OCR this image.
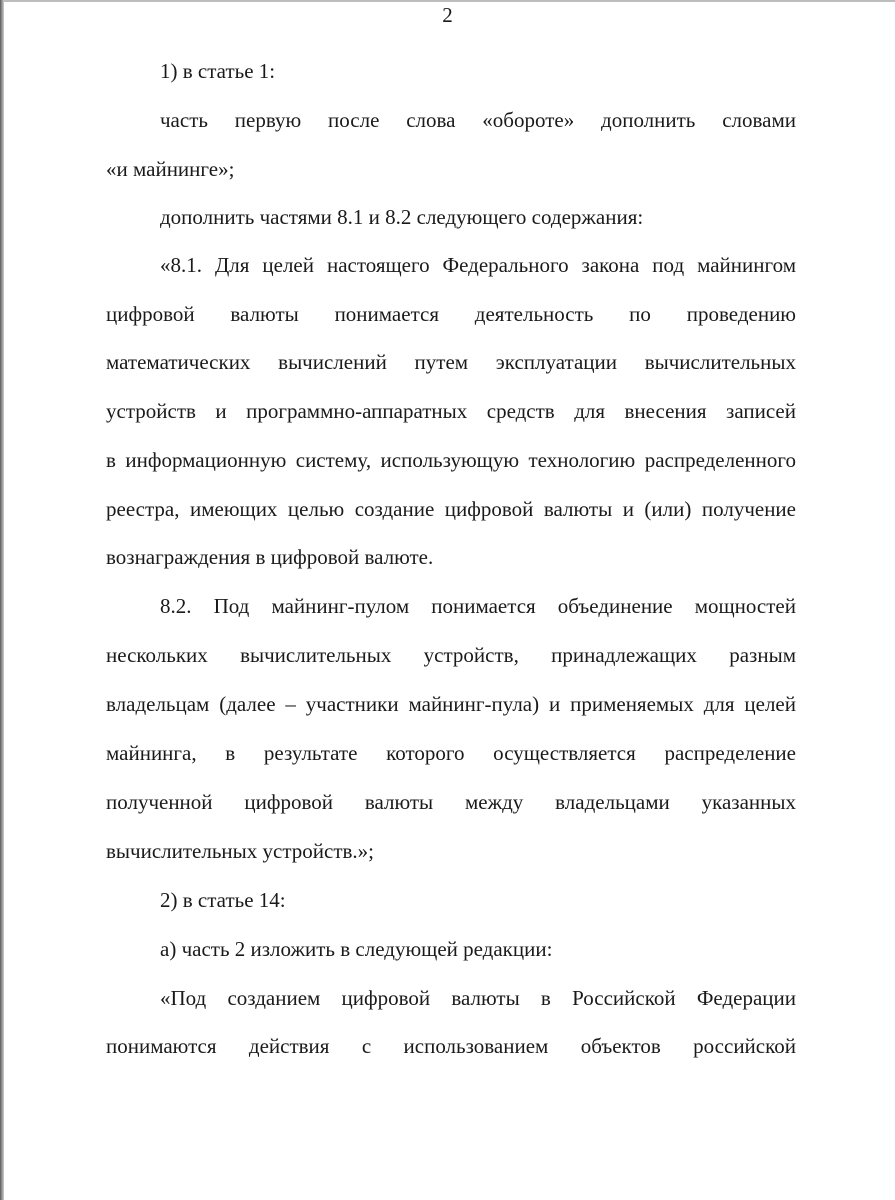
2
1) в статье 1:
часть первую после слова «обороте» дополнить словами
«и майнинге»;
дополнить частями 8.1 и 8.2 следующего содержания:
«8.1. Для целей настоящего Федерального закона под майнингом
цифровой валюты понимается деятельность по проведению
математических вычислений путем эксплуатации вычислительных
устройств и программно-аппаратных средств для внесения записей
в информационную систему, использующую технологию распределенного
реестра, имеющих целью создание цифровой валюты и (или) получение
вознаграждения в цифровой валюте.
8.2. Под майнинг-пулом понимается объединение мощностей
нескольких вычислительных устройств, принадлежащих разным
владельцам (далее – участники майнинг-пула) и применяемых для целей
майнинга, в результате которого осуществляется распределение
полученной цифровой валюты между владельцами указанных
вычислительных устройств.»;
2) в статье 14:
а) часть 2 изложить в следующей редакции:
«Под созданием цифровой валюты в Российской Федерации
понимаются действия с использованием объектов российской
